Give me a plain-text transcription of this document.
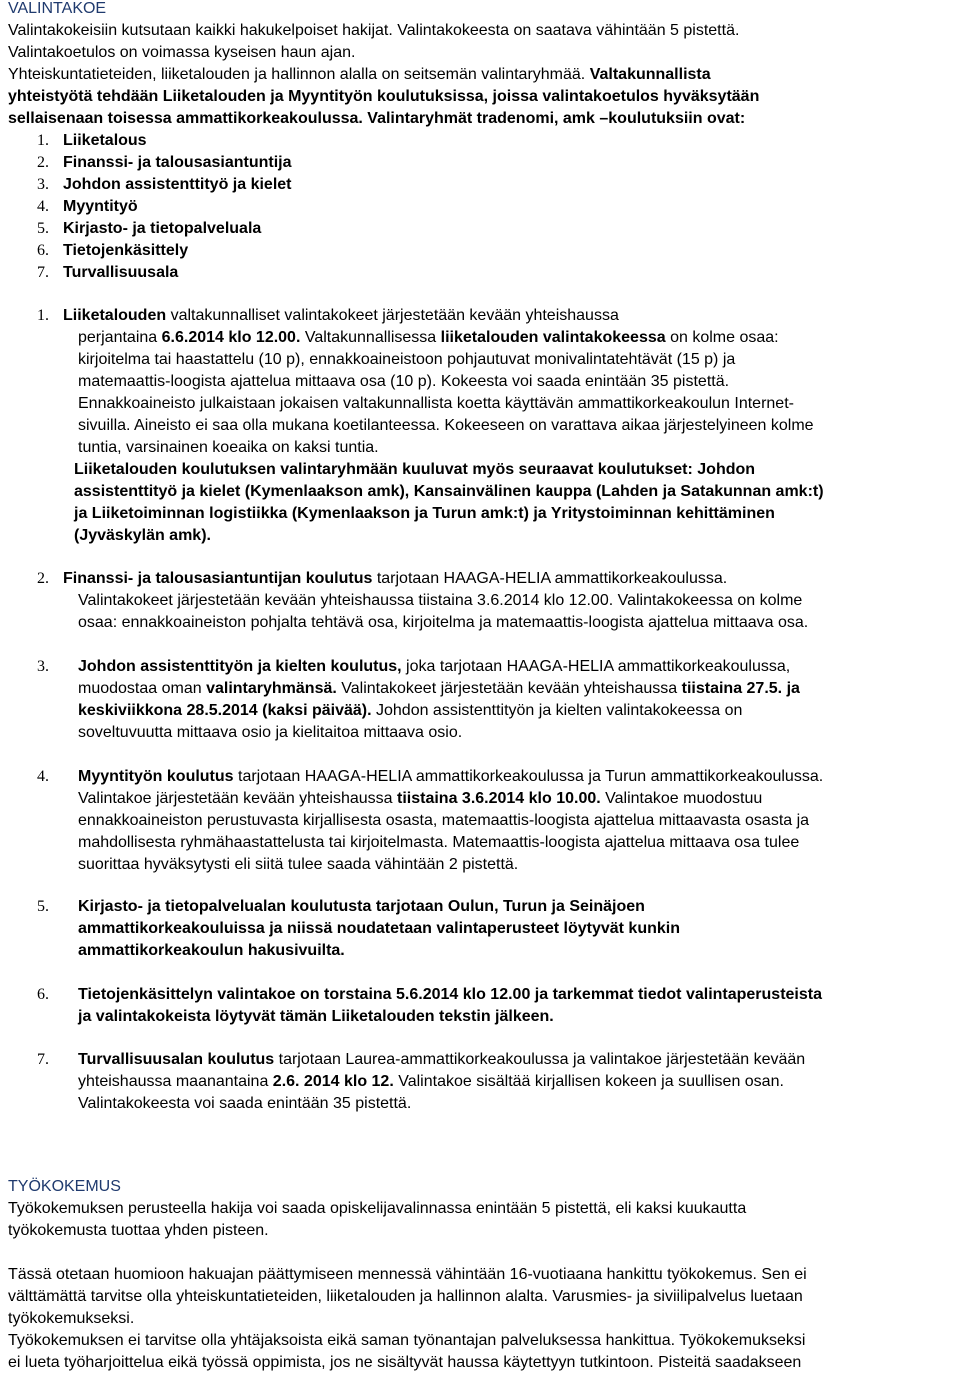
VALINTAKOE
Valintakokeisiin kutsutaan kaikki hakukelpoiset hakijat. Valintakokeesta on saatava vähintään 5 pistettä.
Valintakoetulos on voimassa kyseisen haun ajan.
Yhteiskuntatieteiden, liiketalouden ja hallinnon alalla on seitsemän valintaryhmää. Valtakunnallista
yhteistyötä tehdään Liiketalouden ja Myyntityön koulutuksissa, joissa valintakoetulos hyväksytään
sellaisenaan toisessa ammattikorkeakoulussa. Valintaryhmät tradenomi, amk –koulutuksiin ovat:
1. Liiketalous
2. Finanssi- ja talousasiantuntija
3. Johdon assistenttityö ja kielet
4. Myyntityö
5. Kirjasto- ja tietopalveluala
6. Tietojenkäsittely
7. Turvallisuusala
1. Liiketalouden valtakunnalliset valintakokeet järjestetään kevään yhteishaussa
perjantaina 6.6.2014 klo 12.00. Valtakunnallisessa liiketalouden valintakokeessa on kolme osaa:
kirjoitelma tai haastattelu (10 p), ennakkoaineistoon pohjautuvat monivalintatehtävät (15 p) ja
matemaattis-loogista ajattelua mittaava osa (10 p). Kokeesta voi saada enintään 35 pistettä.
Ennakkoaineisto julkaistaan jokaisen valtakunnallista koetta käyttävän ammattikorkeakoulun Internet-
sivuilla. Aineisto ei saa olla mukana koetilanteessa. Kokeeseen on varattava aikaa järjestelyineen kolme
tuntia, varsinainen koeaika on kaksi tuntia.
Liiketalouden koulutuksen valintaryhmään kuuluvat myös seuraavat koulutukset: Johdon
assistenttityö ja kielet (Kymenlaakson amk), Kansainvälinen kauppa (Lahden ja Satakunnan amk:t)
ja Liiketoiminnan logistiikka (Kymenlaakson ja Turun amk:t) ja Yritystoiminnan kehittäminen
(Jyväskylän amk).
2. Finanssi- ja talousasiantuntijan koulutus tarjotaan HAAGA-HELIA ammattikorkeakoulussa.
Valintakokeet järjestetään kevään yhteishaussa tiistaina 3.6.2014 klo 12.00. Valintakokeessa on kolme
osaa: ennakkoaineiston pohjalta tehtävä osa, kirjoitelma ja matemaattis-loogista ajattelua mittaava osa.
3. Johdon assistenttityön ja kielten koulutus, joka tarjotaan HAAGA-HELIA ammattikorkeakoulussa,
muodostaa oman valintaryhmänsä. Valintakokeet järjestetään kevään yhteishaussa tiistaina 27.5. ja
keskiviikkona 28.5.2014 (kaksi päivää). Johdon assistenttityön ja kielten valintakokeessa on
soveltuvuutta mittaava osio ja kielitaitoa mittaava osio.
4. Myyntityön koulutus tarjotaan HAAGA-HELIA ammattikorkeakoulussa ja Turun ammattikorkeakoulussa.
Valintakoe järjestetään kevään yhteishaussa tiistaina 3.6.2014 klo 10.00. Valintakoe muodostuu
ennakkoaineiston perustuvasta kirjallisesta osasta, matemaattis-loogista ajattelua mittaavasta osasta ja
mahdollisesta ryhmähaastattelusta tai kirjoitelmasta. Matemaattis-loogista ajattelua mittaava osa tulee
suorittaa hyväksytysti eli siitä tulee saada vähintään 2 pistettä.
5. Kirjasto- ja tietopalvelualan koulutusta tarjotaan Oulun, Turun ja Seinäjoen
ammattikorkeakouluissa ja niissä noudatetaan valintaperusteet löytyvät kunkin
ammattikorkeakoulun hakusivuilta.
6. Tietojenkäsittelyn valintakoe on torstaina 5.6.2014 klo 12.00 ja tarkemmat tiedot valintaperusteista
ja valintakokeista löytyvät tämän Liiketalouden tekstin jälkeen.
7. Turvallisuusalan koulutus tarjotaan Laurea-ammattikorkeakoulussa ja valintakoe järjestetään kevään
yhteishaussa maanantaina 2.6. 2014 klo 12. Valintakoe sisältää kirjallisen kokeen ja suullisen osan.
Valintakokeesta voi saada enintään 35 pistettä.
TYÖKOKEMUS
Työkokemuksen perusteella hakija voi saada opiskelijavalinnassa enintään 5 pistettä, eli kaksi kuukautta
työkokemusta tuottaa yhden pisteen.
Tässä otetaan huomioon hakuajan päättymiseen mennessä vähintään 16-vuotiaana hankittu työkokemus. Sen ei
välttämättä tarvitse olla yhteiskuntatieteiden, liiketalouden ja hallinnon alalta. Varusmies- ja siviilipalvelus luetaan
työkokemukseksi.
Työkokemuksen ei tarvitse olla yhtäjaksoista eikä saman työnantajan palveluksessa hankittua. Työkokemukseksi
ei lueta työharjoittelua eikä työssä oppimista, jos ne sisältyvät haussa käytettyyn tutkintoon. Pisteitä saadakseen
